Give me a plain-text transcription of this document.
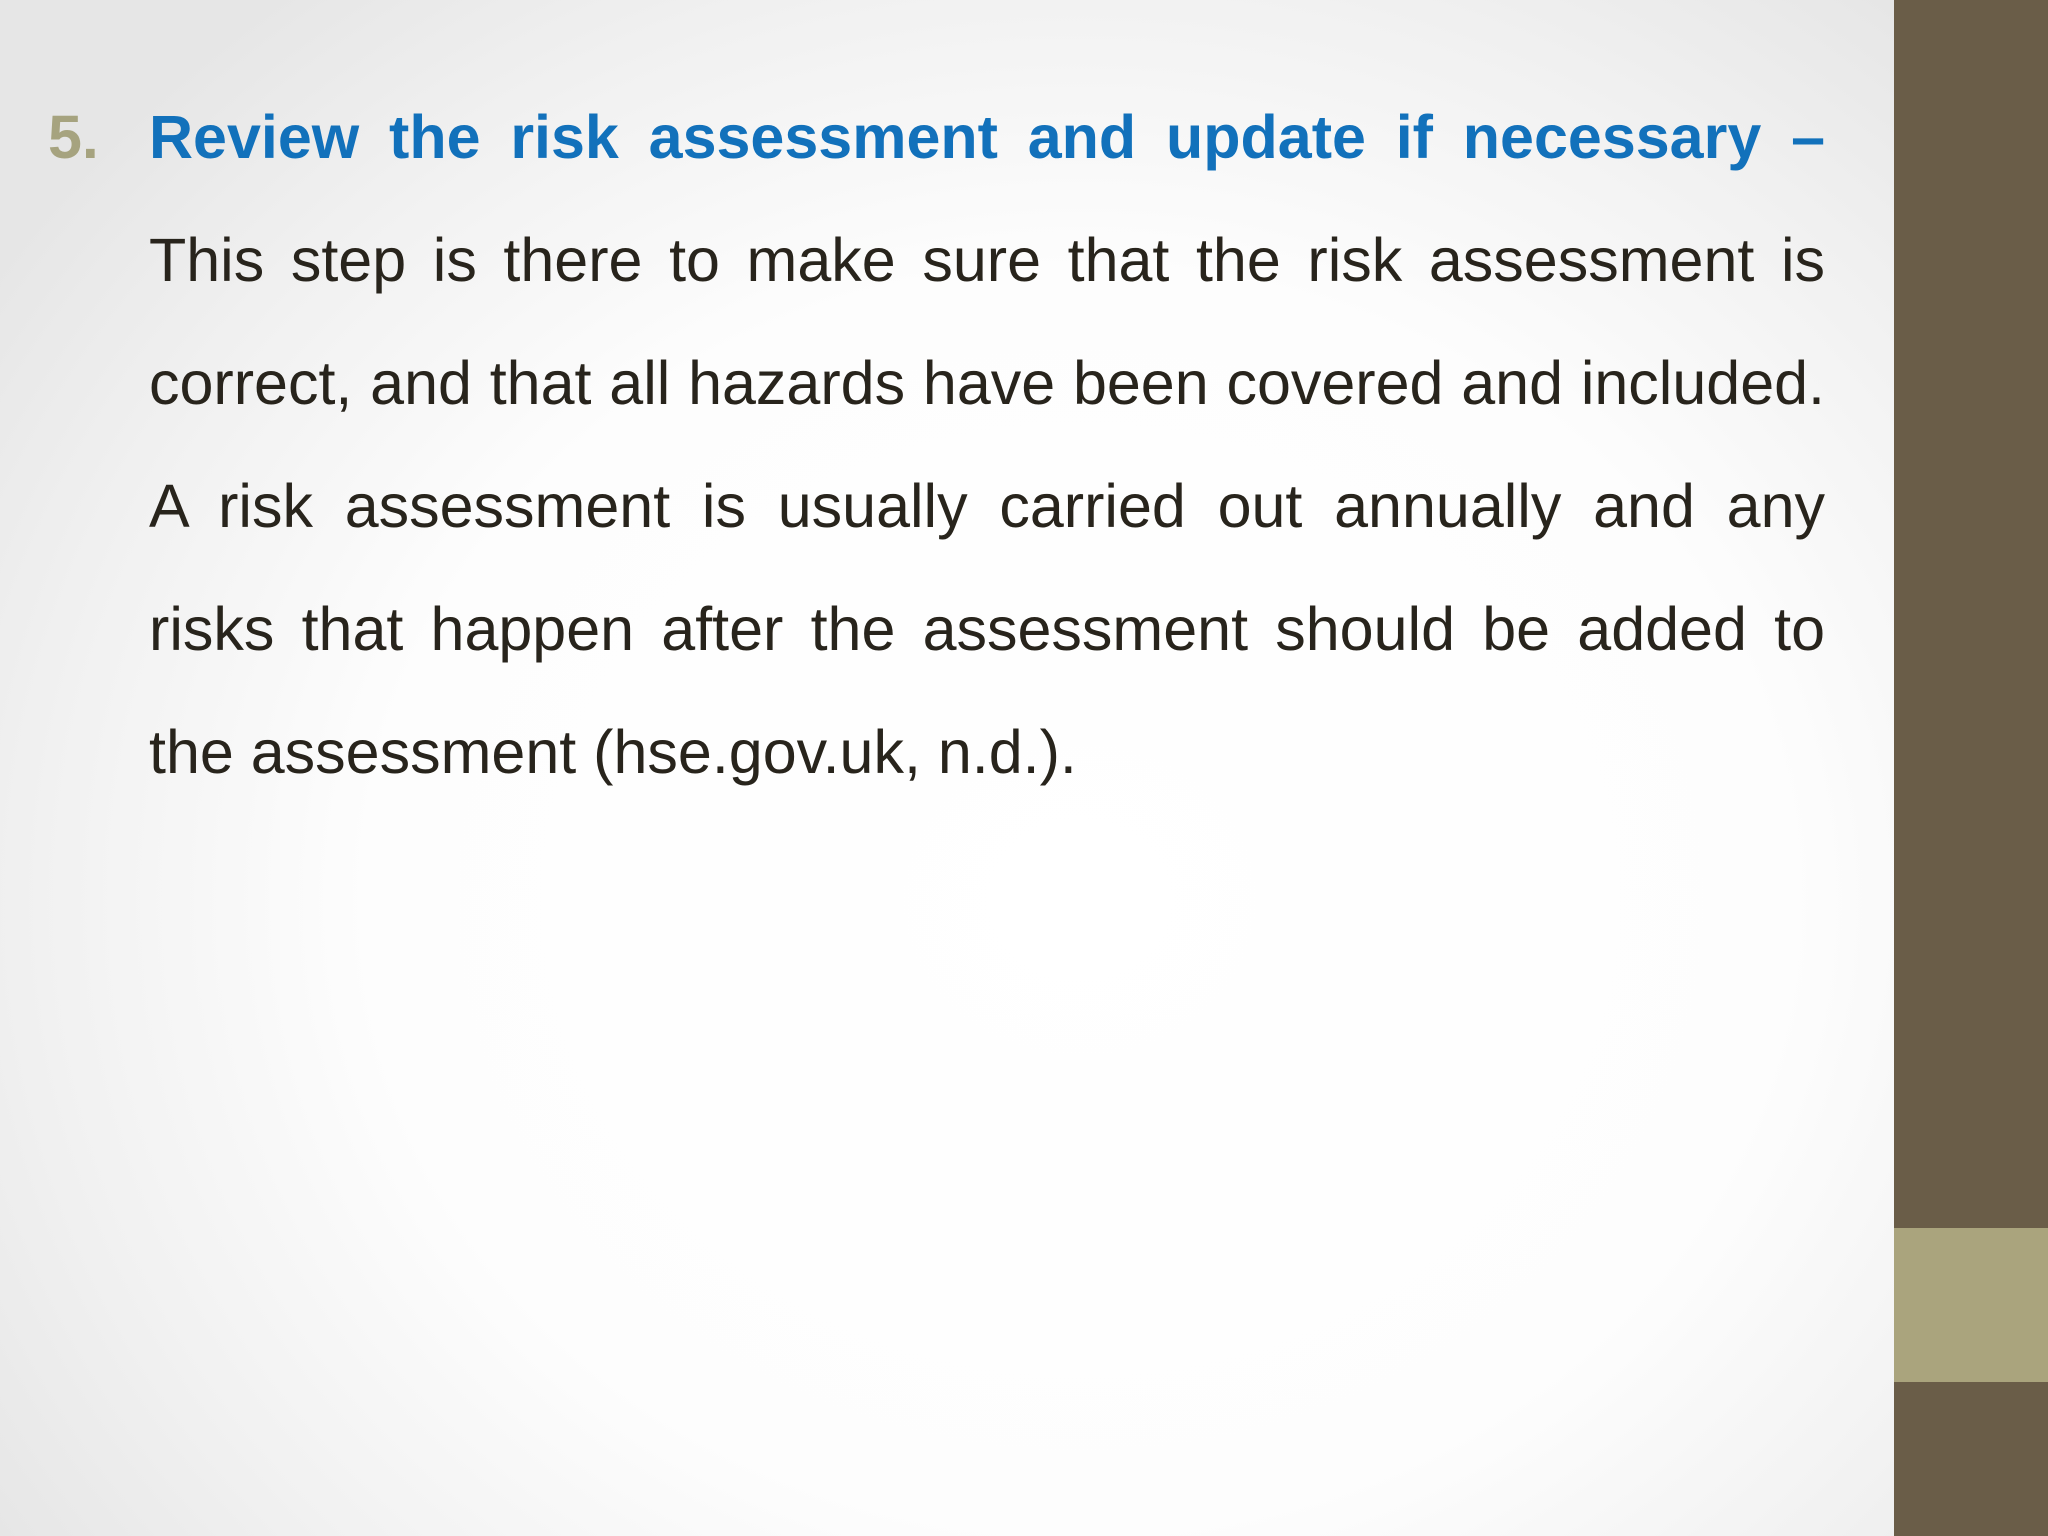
5. Review the risk assessment and update if necessary – This step is there to make sure that the risk assessment is correct, and that all hazards have been covered and included. A risk assessment is usually carried out annually and any risks that happen after the assessment should be added to the assessment (hse.gov.uk, n.d.).
